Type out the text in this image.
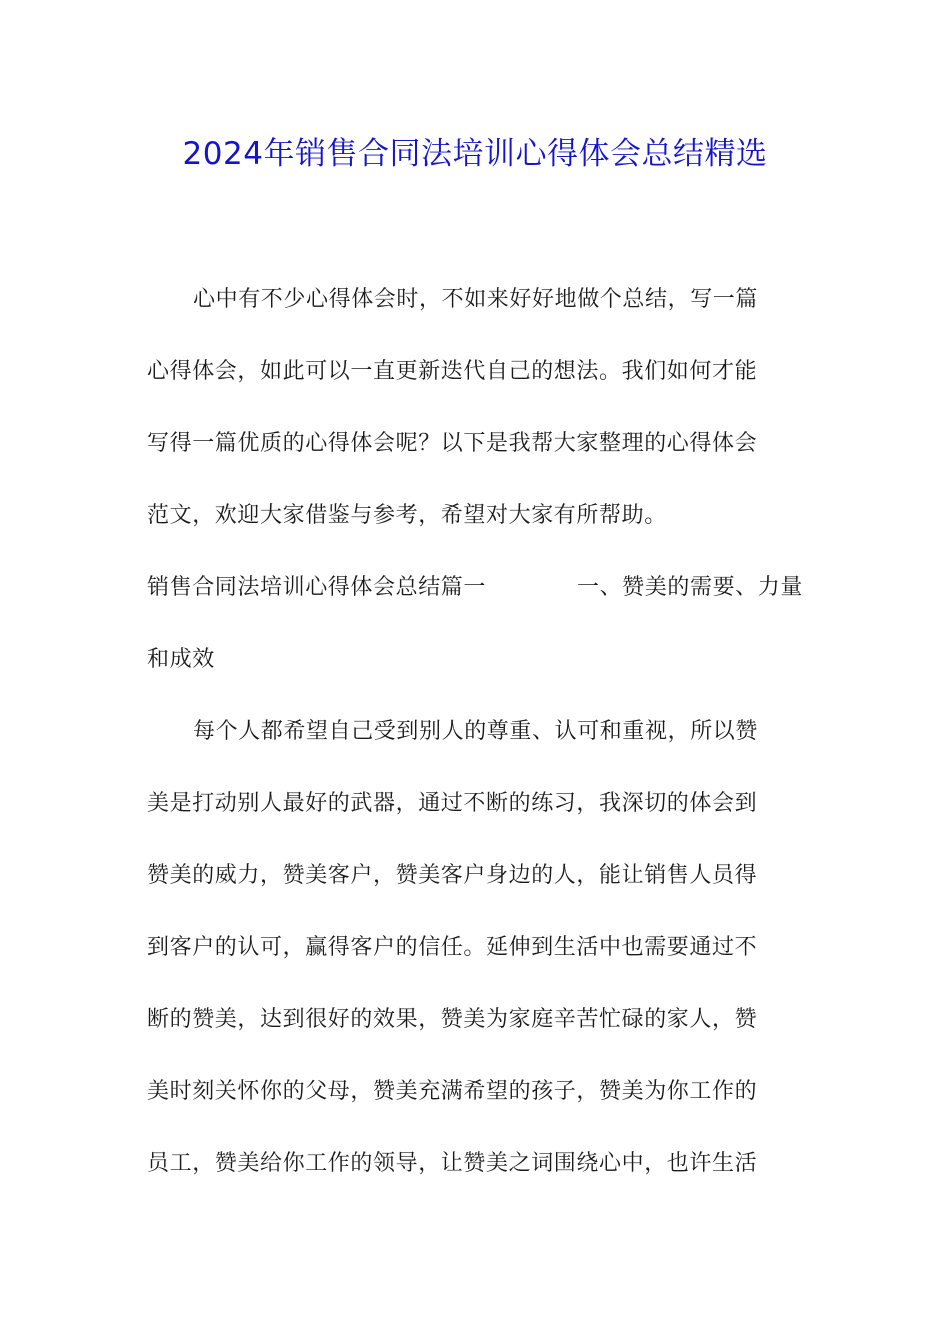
2024年销售合同法培训心得体会总结精选
心中有不少心得体会时，不如来好好地做个总结，写一篇
心得体会，如此可以一直更新迭代自己的想法。我们如何才能
写得一篇优质的心得体会呢？以下是我帮大家整理的心得体会
范文，欢迎大家借鉴与参考，希望对大家有所帮助。
销售合同法培训心得体会总结篇一	一、赞美的需要、力量
和成效
每个人都希望自己受到别人的尊重、认可和重视，所以赞
美是打动别人最好的武器，通过不断的练习，我深切的体会到
赞美的威力，赞美客户，赞美客户身边的人，能让销售人员得
到客户的认可，赢得客户的信任。延伸到生活中也需要通过不
断的赞美，达到很好的效果，赞美为家庭辛苦忙碌的家人，赞
美时刻关怀你的父母，赞美充满希望的孩子，赞美为你工作的
员工，赞美给你工作的领导，让赞美之词围绕心中，也许生活
